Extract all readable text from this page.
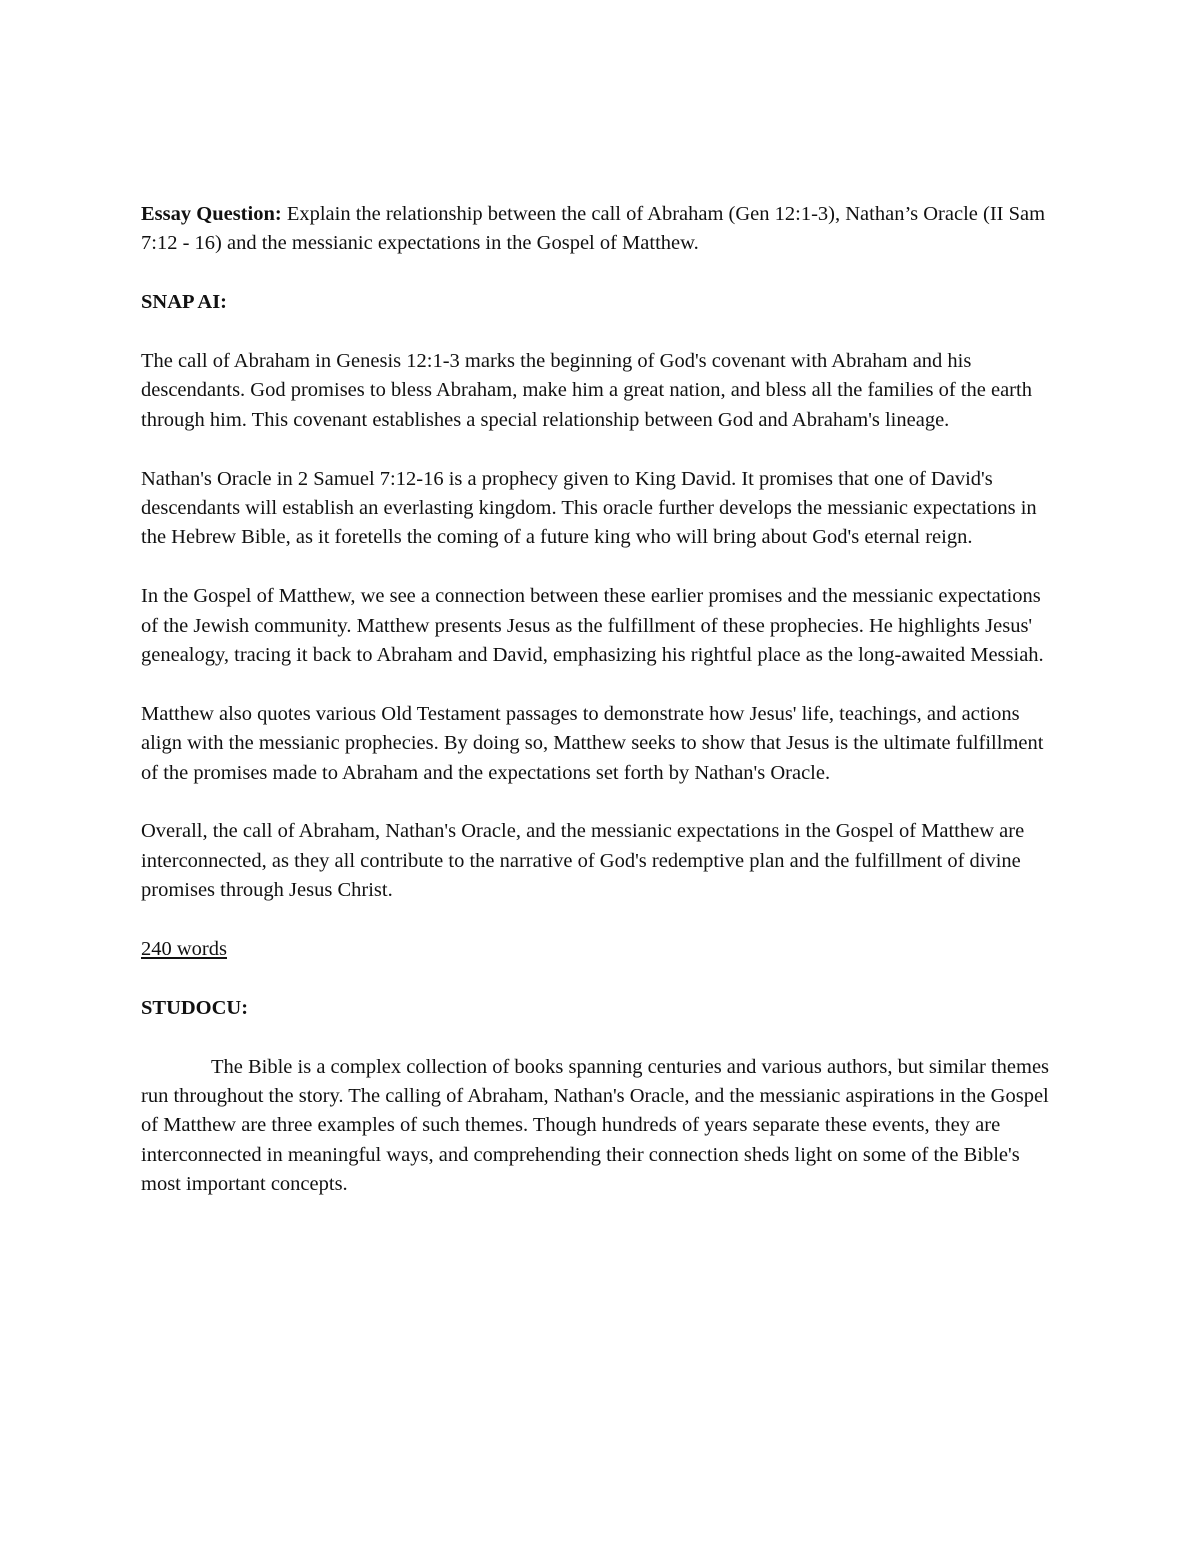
Essay Question: Explain the relationship between the call of Abraham (Gen 12:1-3), Nathan’s Oracle (II Sam 7:12 - 16) and the messianic expectations in the Gospel of Matthew.

SNAP AI:

The call of Abraham in Genesis 12:1-3 marks the beginning of God's covenant with Abraham and his descendants. God promises to bless Abraham, make him a great nation, and bless all the families of the earth through him. This covenant establishes a special relationship between God and Abraham's lineage.

Nathan's Oracle in 2 Samuel 7:12-16 is a prophecy given to King David. It promises that one of David's descendants will establish an everlasting kingdom. This oracle further develops the messianic expectations in the Hebrew Bible, as it foretells the coming of a future king who will bring about God's eternal reign.

In the Gospel of Matthew, we see a connection between these earlier promises and the messianic expectations of the Jewish community. Matthew presents Jesus as the fulfillment of these prophecies. He highlights Jesus' genealogy, tracing it back to Abraham and David, emphasizing his rightful place as the long-awaited Messiah.

Matthew also quotes various Old Testament passages to demonstrate how Jesus' life, teachings, and actions align with the messianic prophecies. By doing so, Matthew seeks to show that Jesus is the ultimate fulfillment of the promises made to Abraham and the expectations set forth by Nathan's Oracle.

Overall, the call of Abraham, Nathan's Oracle, and the messianic expectations in the Gospel of Matthew are interconnected, as they all contribute to the narrative of God's redemptive plan and the fulfillment of divine promises through Jesus Christ.

240 words

STUDOCU:

The Bible is a complex collection of books spanning centuries and various authors, but similar themes run throughout the story. The calling of Abraham, Nathan's Oracle, and the messianic aspirations in the Gospel of Matthew are three examples of such themes. Though hundreds of years separate these events, they are interconnected in meaningful ways, and comprehending their connection sheds light on some of the Bible's most important concepts.
